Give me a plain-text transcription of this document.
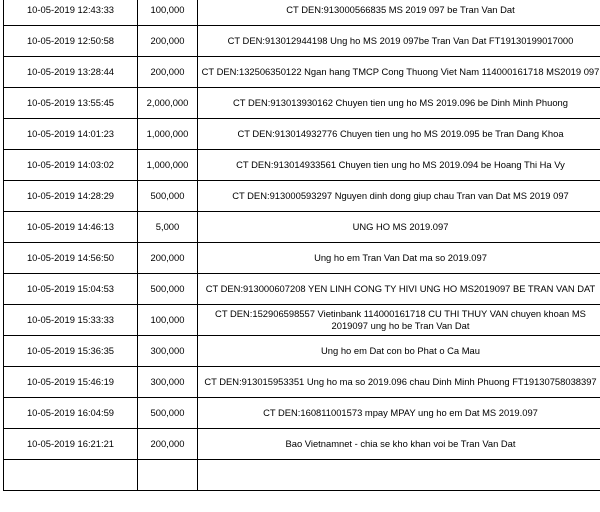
10-05-2019 12:43:33	100,000	CT DEN:913000566835 MS 2019 097 be Tran Van Dat
10-05-2019 12:50:58	200,000	CT DEN:913012944198 Ung ho MS 2019 097be Tran Van Dat FT19130199017000
10-05-2019 13:28:44	200,000	CT DEN:132506350122 Ngan hang TMCP Cong Thuong Viet Nam 114000161718 MS2019 097
10-05-2019 13:55:45	2,000,000	CT DEN:913013930162 Chuyen tien ung ho MS 2019.096 be Dinh Minh Phuong
10-05-2019 14:01:23	1,000,000	CT DEN:913014932776 Chuyen tien ung ho MS 2019.095 be Tran Dang Khoa
10-05-2019 14:03:02	1,000,000	CT DEN:913014933561 Chuyen tien ung ho MS 2019.094 be Hoang Thi Ha Vy
10-05-2019 14:28:29	500,000	CT DEN:913000593297 Nguyen dinh dong giup chau Tran van Dat MS 2019 097
10-05-2019 14:46:13	5,000	UNG HO MS 2019.097
10-05-2019 14:56:50	200,000	Ung ho em Tran Van Dat ma so 2019.097
10-05-2019 15:04:53	500,000	CT DEN:913000607208 YEN LINH CONG TY HIVI UNG HO MS2019097 BE TRAN VAN DAT
10-05-2019 15:33:33	100,000	CT DEN:152906598557 Vietinbank 114000161718 CU THI THUY VAN chuyen khoan MS 2019097 ung ho be Tran Van Dat
10-05-2019 15:36:35	300,000	Ung ho em Dat con bo Phat o Ca Mau
10-05-2019 15:46:19	300,000	CT DEN:913015953351 Ung ho ma so 2019.096 chau Dinh Minh Phuong FT19130758038397
10-05-2019 16:04:59	500,000	CT DEN:160811001573 mpay MPAY ung ho em Dat MS 2019.097
10-05-2019 16:21:21	200,000	Bao Vietnamnet - chia se kho khan voi be Tran Van Dat
